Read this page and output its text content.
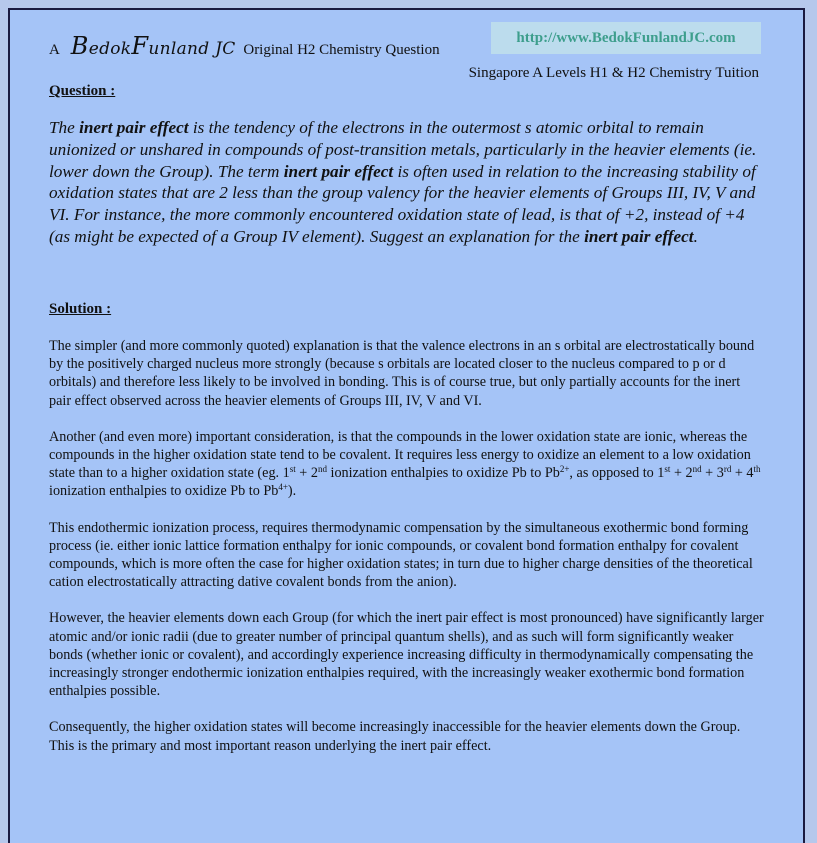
A BedokFunland JC Original H2 Chemistry Question
http://www.BedokFunlandJC.com
Singapore A Levels H1 & H2 Chemistry Tuition
Question :
The inert pair effect is the tendency of the electrons in the outermost s atomic orbital to remain unionized or unshared in compounds of post-transition metals, particularly in the heavier elements (ie. lower down the Group). The term inert pair effect is often used in relation to the increasing stability of oxidation states that are 2 less than the group valency for the heavier elements of Groups III, IV, V and VI. For instance, the more commonly encountered oxidation state of lead, is that of +2, instead of +4 (as might be expected of a Group IV element). Suggest an explanation for the inert pair effect.
Solution :

The simpler (and more commonly quoted) explanation is that the valence electrons in an s orbital are electrostatically bound by the positively charged nucleus more strongly (because s orbitals are located closer to the nucleus compared to p or d orbitals) and therefore less likely to be involved in bonding. This is of course true, but only partially accounts for the inert pair effect observed across the heavier elements of Groups III, IV, V and VI.

Another (and even more) important consideration, is that the compounds in the lower oxidation state are ionic, whereas the compounds in the higher oxidation state tend to be covalent. It requires less energy to oxidize an element to a low oxidation state than to a higher oxidation state (eg. 1st + 2nd ionization enthalpies to oxidize Pb to $Pb^{2+}$, as opposed to 1st + 2nd + 3rd + 4th ionization enthalpies to oxidize Pb to $Pb^{4+}$).

This endothermic ionization process, requires thermodynamic compensation by the simultaneous exothermic bond forming process (ie. either ionic lattice formation enthalpy for ionic compounds, or covalent bond formation enthalpy for covalent compounds, which is more often the case for higher oxidation states; in turn due to higher charge densities of the theoretical cation electrostatically attracting dative covalent bonds from the anion).

However, the heavier elements down each Group (for which the inert pair effect is most pronounced) have significantly larger atomic and/or ionic radii (due to greater number of principal quantum shells), and as such will form significantly weaker bonds (whether ionic or covalent), and accordingly experience increasing difficulty in thermodynamically compensating the increasingly stronger endothermic ionization enthalpies required, with the increasingly weaker exothermic bond formation enthalpies possible.

Consequently, the higher oxidation states will become increasingly inaccessible for the heavier elements down the Group. This is the primary and most important reason underlying the inert pair effect.
